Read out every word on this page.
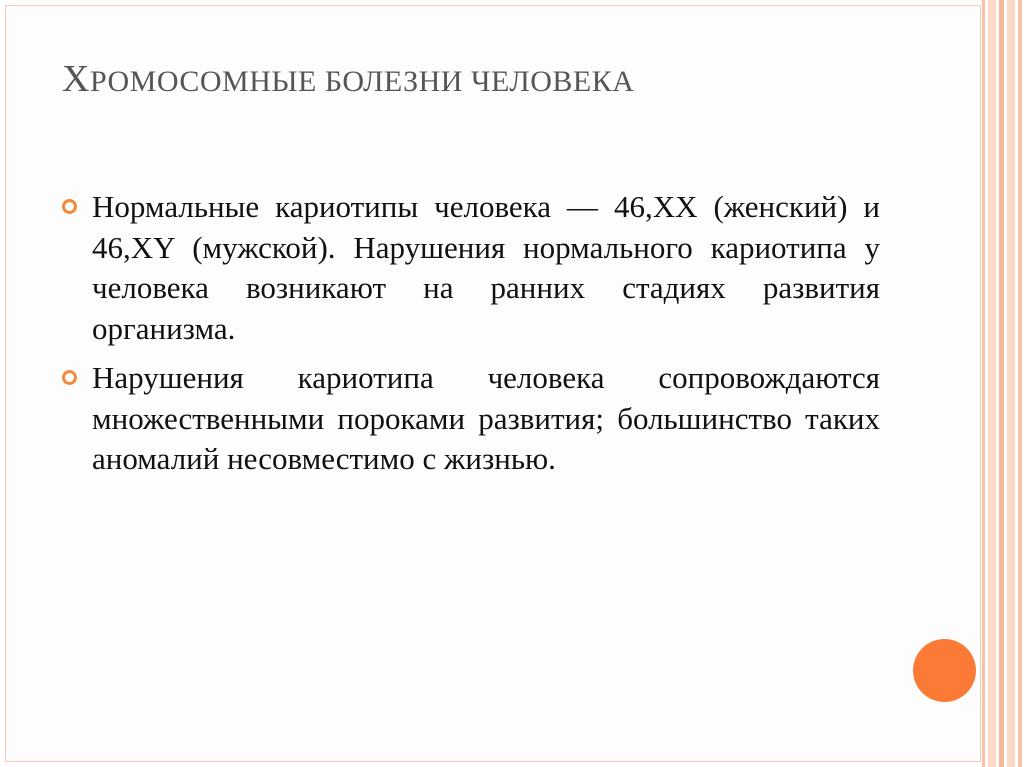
ХРОМОСОМНЫЕ БОЛЕЗНИ ЧЕЛОВЕКА
Нормальные кариотипы человека — 46,XX (женский) и 46,XY (мужской). Нарушения нормального кариотипа у человека возникают на ранних стадиях развития организма.
Нарушения кариотипа человека сопровождаются множественными пороками развития; большинство таких аномалий несовместимо с жизнью.
